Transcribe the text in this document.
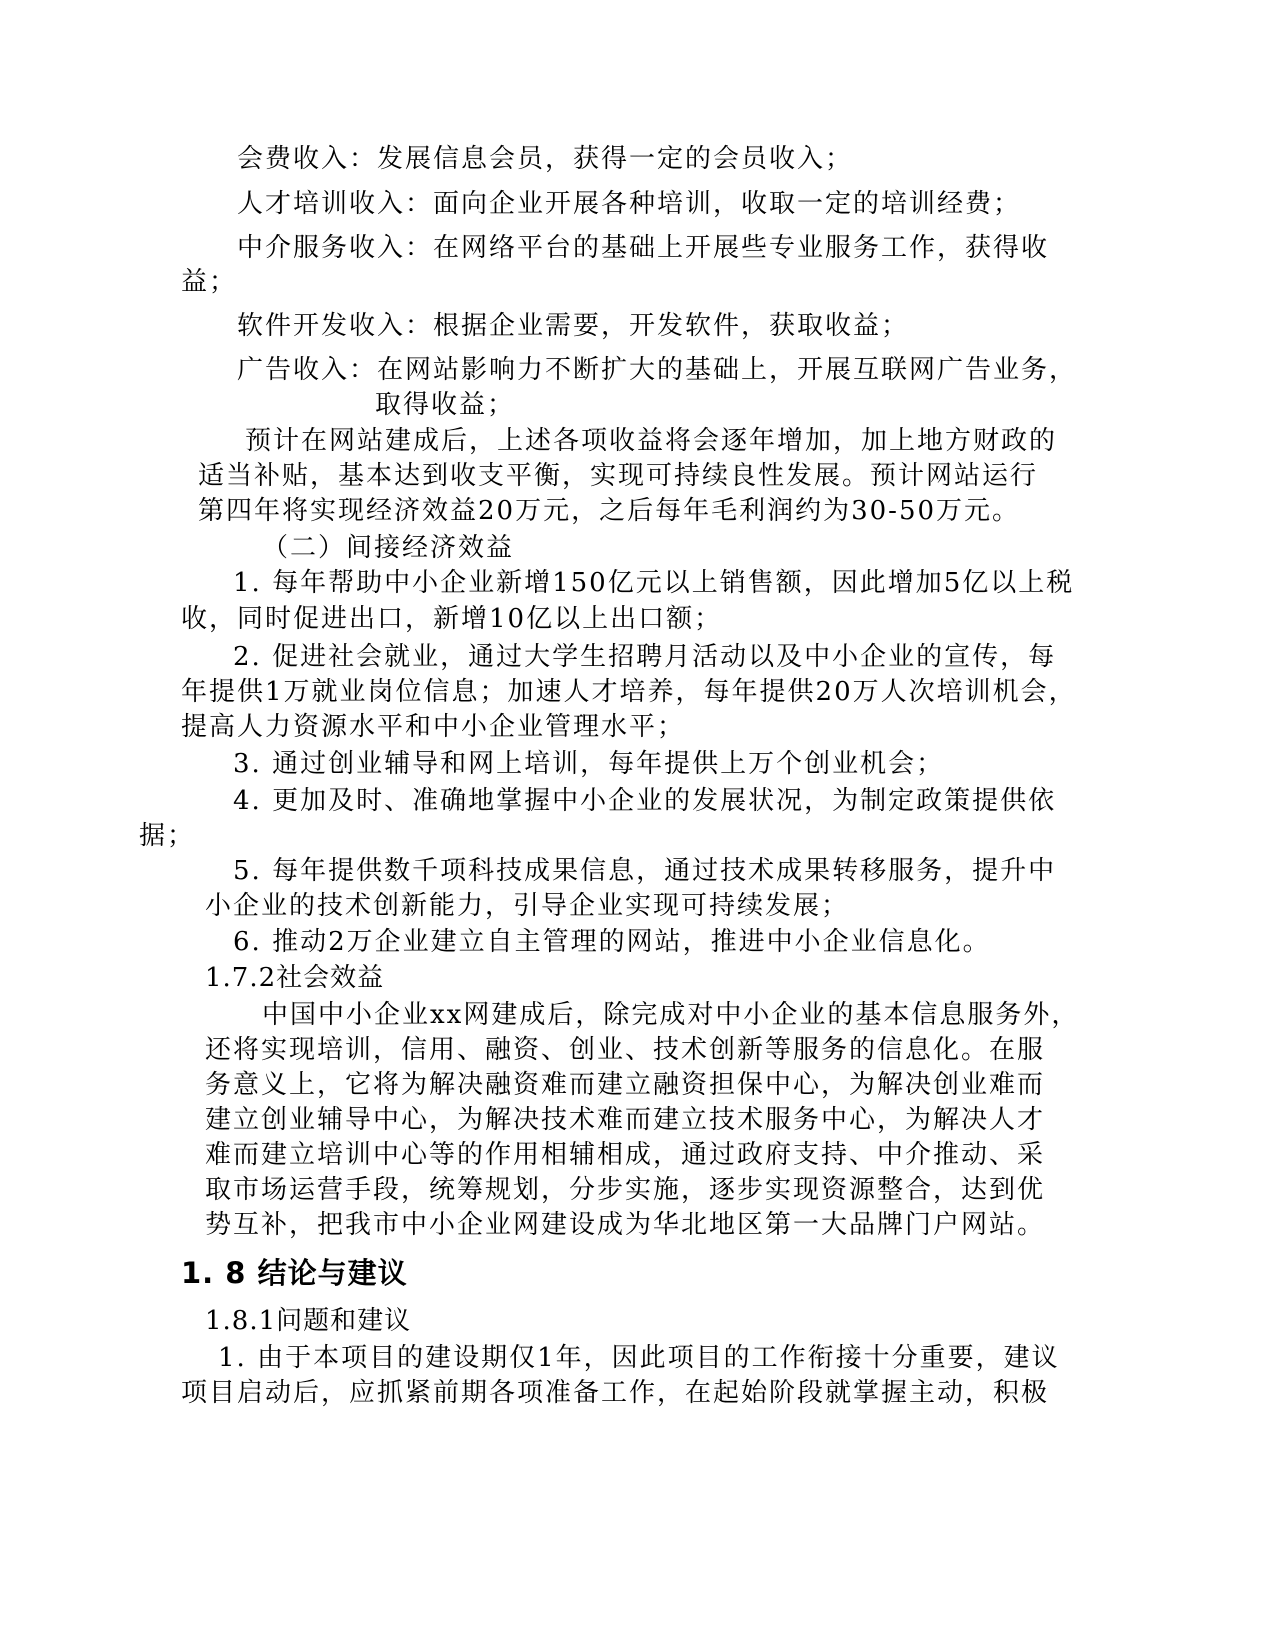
会费收入：发展信息会员，获得一定的会员收入；
人才培训收入：面向企业开展各种培训，收取一定的培训经费；
中介服务收入：在网络平台的基础上开展些专业服务工作，获得收
益；
软件开发收入：根据企业需要，开发软件，获取收益；
广告收入：在网站影响力不断扩大的基础上，开展互联网广告业务，
取得收益；
预计在网站建成后，上述各项收益将会逐年增加，加上地方财政的
适当补贴，基本达到收支平衡，实现可持续良性发展。预计网站运行
第四年将实现经济效益20万元，之后每年毛利润约为30-50万元。
（二）间接经济效益
1. 每年帮助中小企业新增150亿元以上销售额，因此增加5亿以上税
收，同时促进出口，新增10亿以上出口额；
2. 促进社会就业，通过大学生招聘月活动以及中小企业的宣传，每
年提供1万就业岗位信息；加速人才培养，每年提供20万人次培训机会，
提高人力资源水平和中小企业管理水平；
3. 通过创业辅导和网上培训，每年提供上万个创业机会；
4. 更加及时、准确地掌握中小企业的发展状况，为制定政策提供依
据；
5. 每年提供数千项科技成果信息，通过技术成果转移服务，提升中
小企业的技术创新能力，引导企业实现可持续发展；
6. 推动2万企业建立自主管理的网站，推进中小企业信息化。
1.7.2社会效益
中国中小企业xx网建成后，除完成对中小企业的基本信息服务外，
还将实现培训，信用、融资、创业、技术创新等服务的信息化。在服
务意义上，它将为解决融资难而建立融资担保中心，为解决创业难而
建立创业辅导中心，为解决技术难而建立技术服务中心，为解决人才
难而建立培训中心等的作用相辅相成，通过政府支持、中介推动、采
取市场运营手段，统筹规划，分步实施，逐步实现资源整合，达到优
势互补，把我市中小企业网建设成为华北地区第一大品牌门户网站。
1. 8 结论与建议
1.8.1问题和建议
1. 由于本项目的建设期仅1年，因此项目的工作衔接十分重要，建议
项目启动后，应抓紧前期各项准备工作，在起始阶段就掌握主动，积极
